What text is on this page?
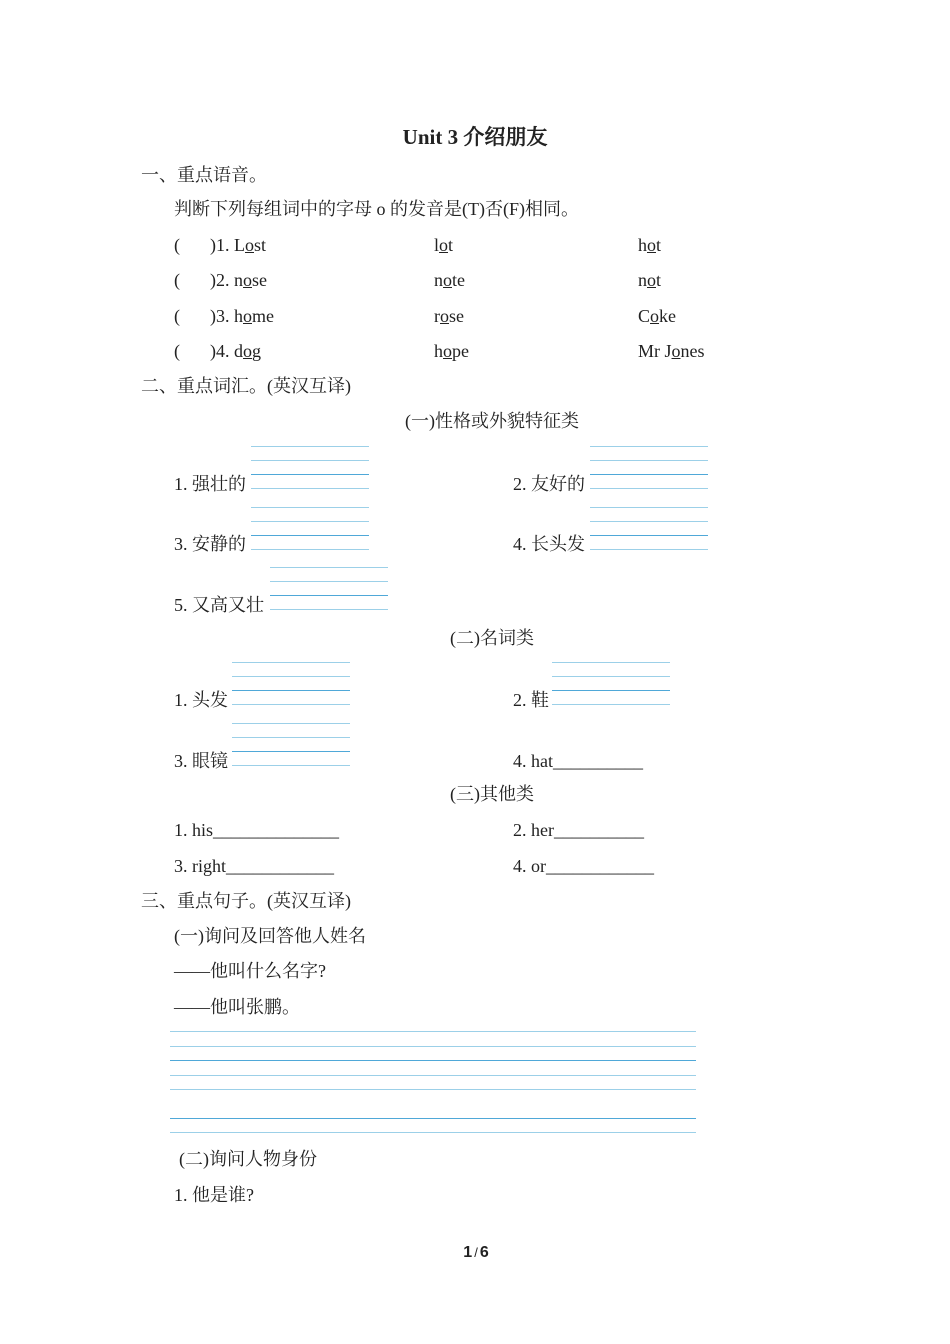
Unit 3 介绍朋友
一、重点语音。
判断下列每组词中的字母 o 的发音是(T)否(F)相同。
( )1. Lost	lot	hot
( )2. nose	note	not
( )3. home	rose	Coke
( )4. dog	hope	Mr Jones
二、重点词汇。(英汉互译)
(一)性格或外貌特征类
1. 强壮的	2. 友好的
3. 安静的	4. 长头发
5. 又高又壮
(二)名词类
1. 头发	2. 鞋
3. 眼镜	4. hat__________
(三)其他类
1. his______________	2. her__________
3. right____________	4. or____________
三、重点句子。(英汉互译)
(一)询问及回答他人姓名
——他叫什么名字?
——他叫张鹏。
(二)询问人物身份
1. 他是谁?
1 / 6
